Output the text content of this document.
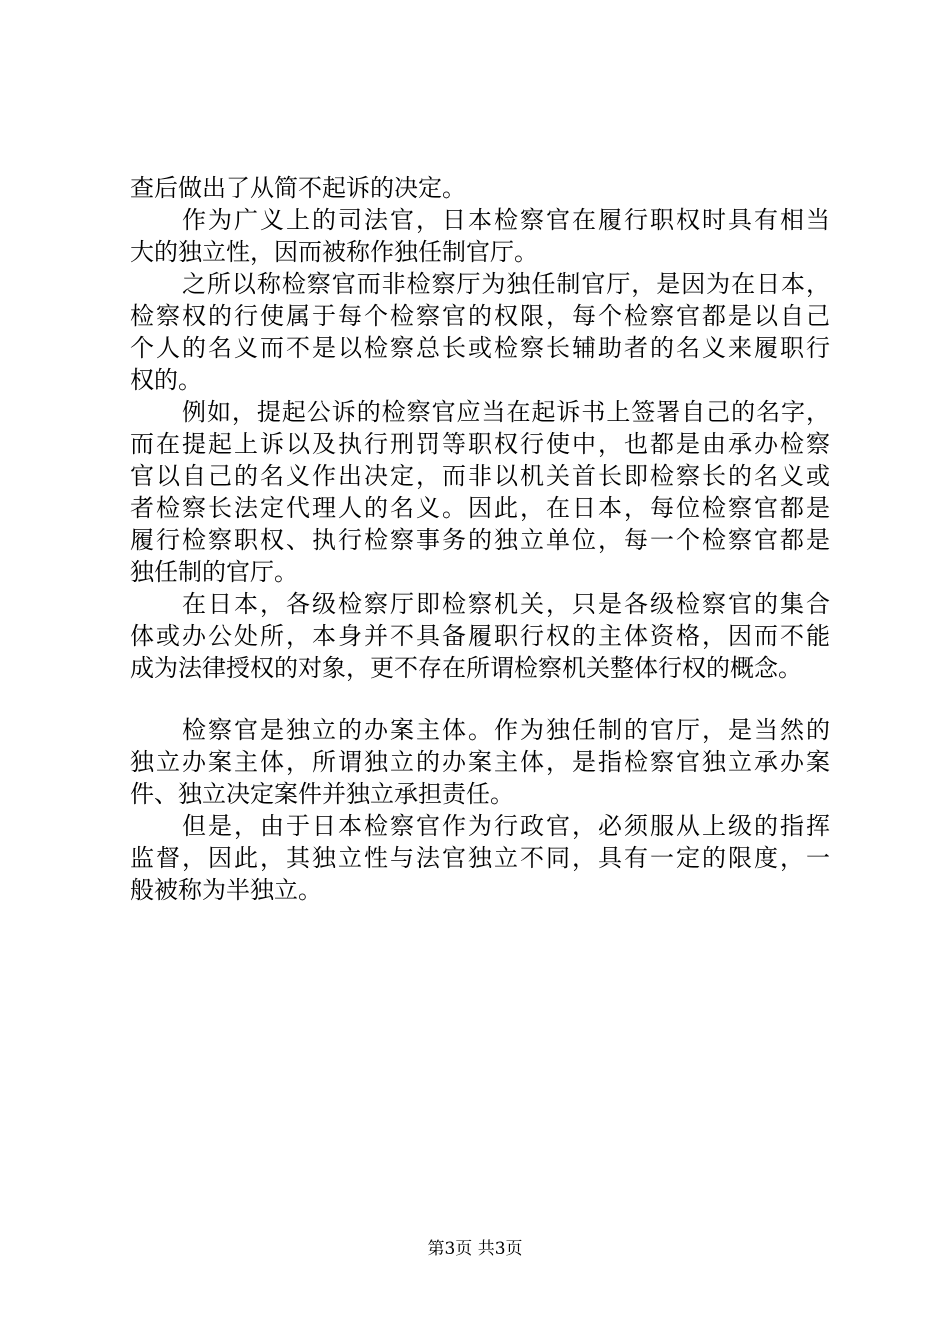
查后做出了从简不起诉的决定。
作为广义上的司法官，日本检察官在履行职权时具有相当
大的独立性，因而被称作独任制官厅。
之所以称检察官而非检察厅为独任制官厅，是因为在日本，
检察权的行使属于每个检察官的权限，每个检察官都是以自己
个人的名义而不是以检察总长或检察长辅助者的名义来履职行
权的。
例如，提起公诉的检察官应当在起诉书上签署自己的名字，
而在提起上诉以及执行刑罚等职权行使中，也都是由承办检察
官以自己的名义作出决定，而非以机关首长即检察长的名义或
者检察长法定代理人的名义。因此，在日本，每位检察官都是
履行检察职权、执行检察事务的独立单位，每一个检察官都是
独任制的官厅。
在日本，各级检察厅即检察机关，只是各级检察官的集合
体或办公处所，本身并不具备履职行权的主体资格，因而不能
成为法律授权的对象，更不存在所谓检察机关整体行权的概念。
检察官是独立的办案主体。作为独任制的官厅，是当然的
独立办案主体，所谓独立的办案主体，是指检察官独立承办案
件、独立决定案件并独立承担责任。
但是，由于日本检察官作为行政官，必须服从上级的指挥
监督，因此，其独立性与法官独立不同，具有一定的限度，一
般被称为半独立。
第3页 共3页
